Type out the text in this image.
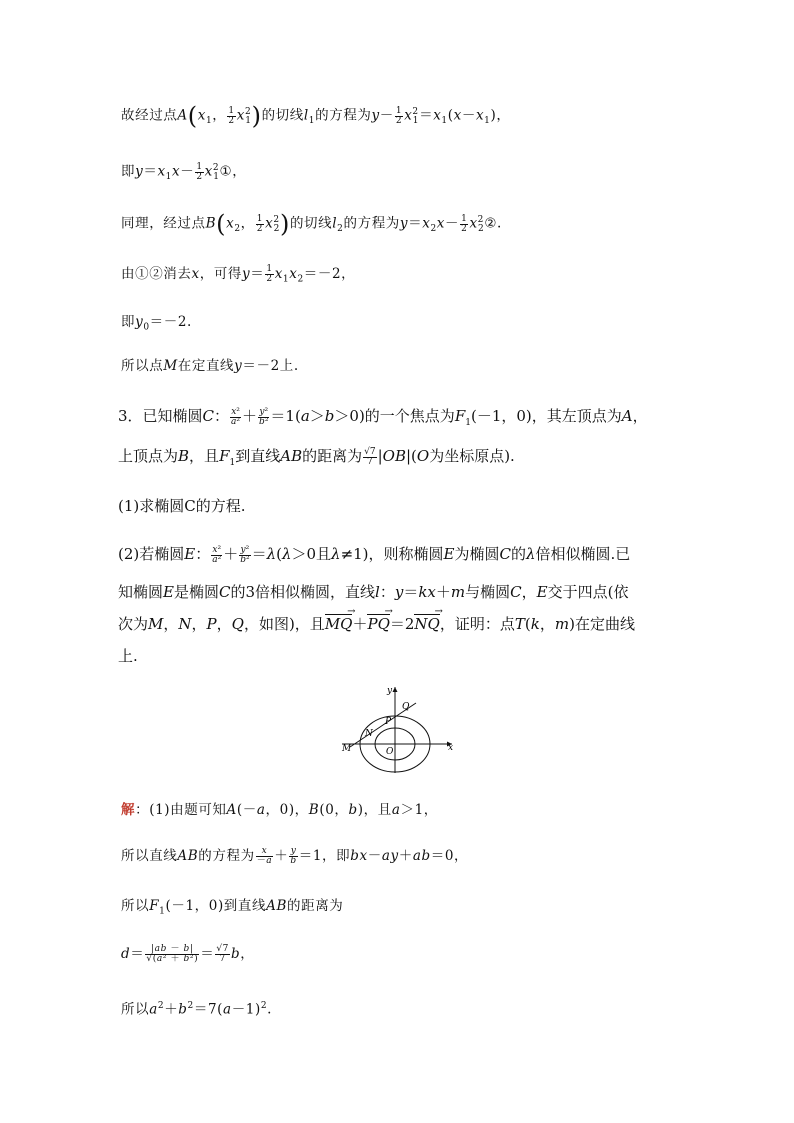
故经过点$A(x_1$， $\frac{1}{2} x^2_1$)的切线$l_1$的方程为$y- \frac{1}{2} x^2_1=x_1(x-x_1)$，
即$y=x_1x- \frac{1}{2}$ $x^2_1①$，
同理，经过点$B(x_2$， $\frac{1}{2} x^2_2$)的切线$l_2$的方程为$y=x_2x- \frac{1}{2}$ $x^2_2②$.
由①②消去x，可得$y= \frac{1}{2} x_1x_2=-2$，
即$y_0=-2$.
所以点M在定直线y＝－2上.
3．已知椭圆C： $\frac{\text{x²}}{\text{a²}} + \frac{\text{y²}}{\text{b²}} =1(a>b>0)$的一个焦点为$F_1(-1$，0)，其左顶点为A，
上顶点为B，且$F_1$到直线AB的距离为 $\frac{√7}{7} |OB|(O$为坐标原点).
(1)求椭圆C的方程.
(2)若椭圆E： $\frac{\text{x²}}{\text{a²}} + \frac{\text{y²}}{\text{b²}} =\lambda(\lambda>0$且λ≠1)，则称椭圆E为椭圆C的λ倍相似椭圆.已
知椭圆E是椭圆C的3倍相似椭圆，直线l：y＝kx＋m与椭圆C，E交于四点(依
次为M，N，P，Q，如图)，且MQ →＋PQ →＝2NQ →，证明：点T(k，m)在定曲线
上.
x
y
O
M
N
P
Q
解：(1)由题可知A(－a，0)，B(0，b)，且a＞1，
所以直线AB的方程为 $\frac{x}{-a} + \frac{y}{b} =1$，即bx－ay＋ab＝0，
所以$F_1(-1$，0)到直线AB的距离为
$d= \frac{|ab - b|}{\text{√(a² ＋ b²)}} = \frac{√7}{7}$ b，
所以$a^2+b^2=7(a-1)^2$.
